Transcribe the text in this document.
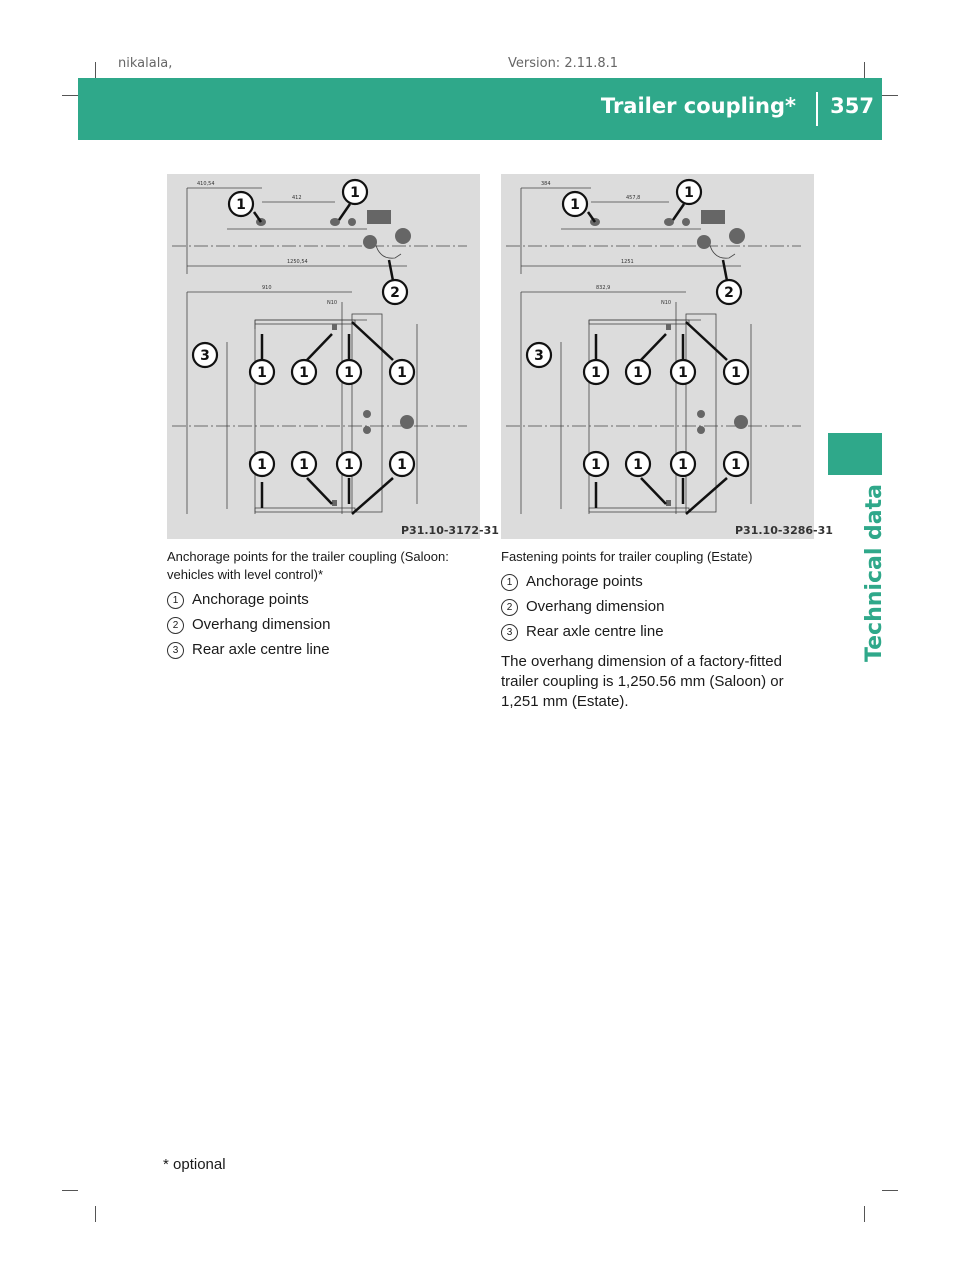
nikalala,	Version: 2.11.8.1
Trailer coupling* 357
Technical data
410,54
412
1250,54
910
N10
P31.10-3172-31
1
1
2
3
1 1	1	1
1 1	1	1
384
457,8
1251
832,9
N10
P31.10-3286-31
1
1
2
3
1 1	1	1
1 1	1	1

Anchorage points for the trailer coupling (Saloon: vehicles with level control)*

1 Anchorage points
2 Overhang dimension
3 Rear axle centre line

Fastening points for trailer coupling (Estate)

1 Anchorage points
2 Overhang dimension
3 Rear axle centre line

The overhang dimension of a factory-fitted trailer coupling is 1,250.56 mm (Saloon) or 1,251 mm (Estate).

* optional
